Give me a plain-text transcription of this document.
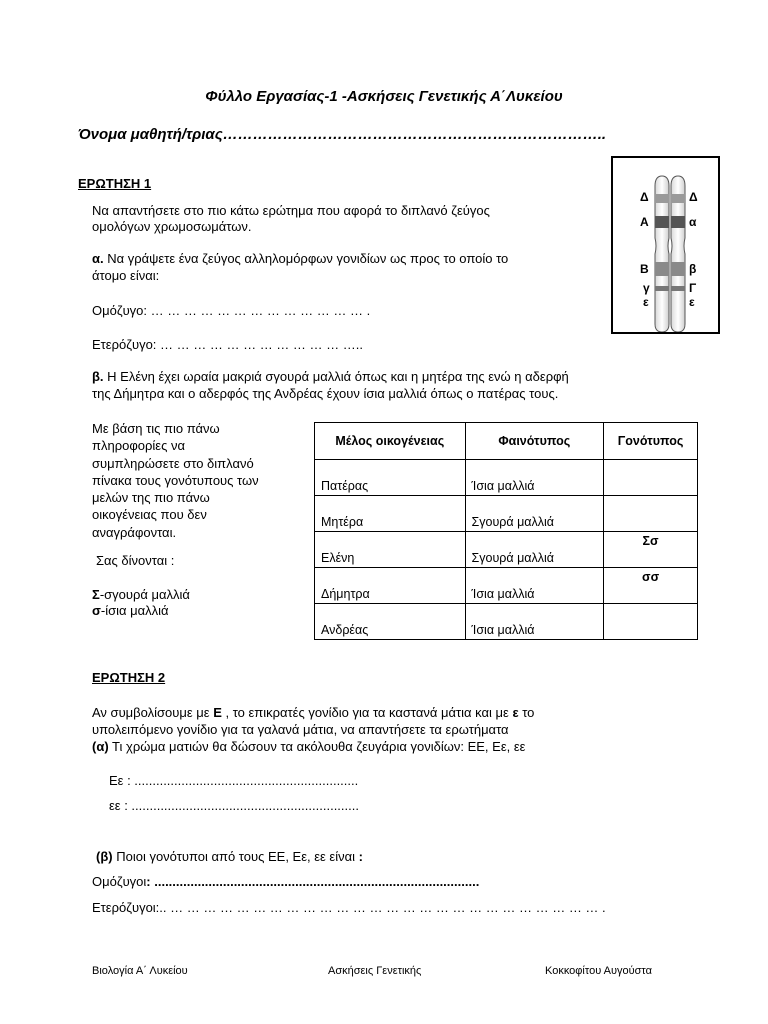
Φύλλο Εργασίας-1 -Ασκήσεις Γενετικής Α΄Λυκείου
Όνομα μαθητή/τριας…………………………………………………………………..
ΕΡΩΤΗΣΗ 1
Να απαντήσετε στο πιο κάτω ερώτημα που αφορά το διπλανό ζεύγος
ομολόγων χρωμοσωμάτων.
α. Να γράψετε ένα ζεύγος αλληλομόρφων γονιδίων ως προς το οποίο το
άτομο είναι:
Ομόζυγο: … … … … … … … … … … … … … .
Ετερόζυγο: … … … … … … … … … … … …..
β. Η Ελένη έχει ωραία μακριά σγουρά μαλλιά όπως και η μητέρα της ενώ η αδερφή
της Δήμητρα και ο αδερφός της Ανδρέας έχουν ίσια μαλλιά όπως ο πατέρας τους.
Με βάση τις πιο πάνω
πληροφορίες να
συμπληρώσετε στο διπλανό
πίνακα τους γονότυπους των
μελών της πιο πάνω
οικογένειας που δεν
αναγράφονται.
Σας δίνονται :
Σ-σγουρά μαλλιά
σ-ίσια μαλλιά
Μέλος οικογένειας	Φαινότυπος	Γονότυπος
Πατέρας	Ίσια μαλλιά	
Μητέρα	Σγουρά μαλλιά	
Ελένη	Σγουρά μαλλιά	Σσ
Δήμητρα	Ίσια μαλλιά	σσ
Ανδρέας	Ίσια μαλλιά	
Δ
Α
Β
γ
ε
Δ
α
β
Γ
ε
ΕΡΩΤΗΣΗ 2
Αν συμβολίσουμε με Ε , το επικρατές γονίδιο για τα καστανά μάτια και με ε το
υπολειπόμενο γονίδιο για τα γαλανά μάτια, να απαντήσετε τα ερωτήματα
(α) Τι χρώμα ματιών θα δώσουν τα ακόλουθα ζευγάρια γονιδίων: ΕΕ, Εε, εε
Εε : ..............................................................
εε : ...............................................................
(β) Ποιοι γονότυποι από τους ΕΕ, Εε, εε είναι :
Ομόζυγοι: ..........................................................................................
Ετερόζυγοι:.. … … … … … … … … … … … … … … … … … … … … … … … … … … .
Βιολογία Α΄ Λυκείου	Ασκήσεις Γενετικής	Κοκκοφίτου Αυγούστα
